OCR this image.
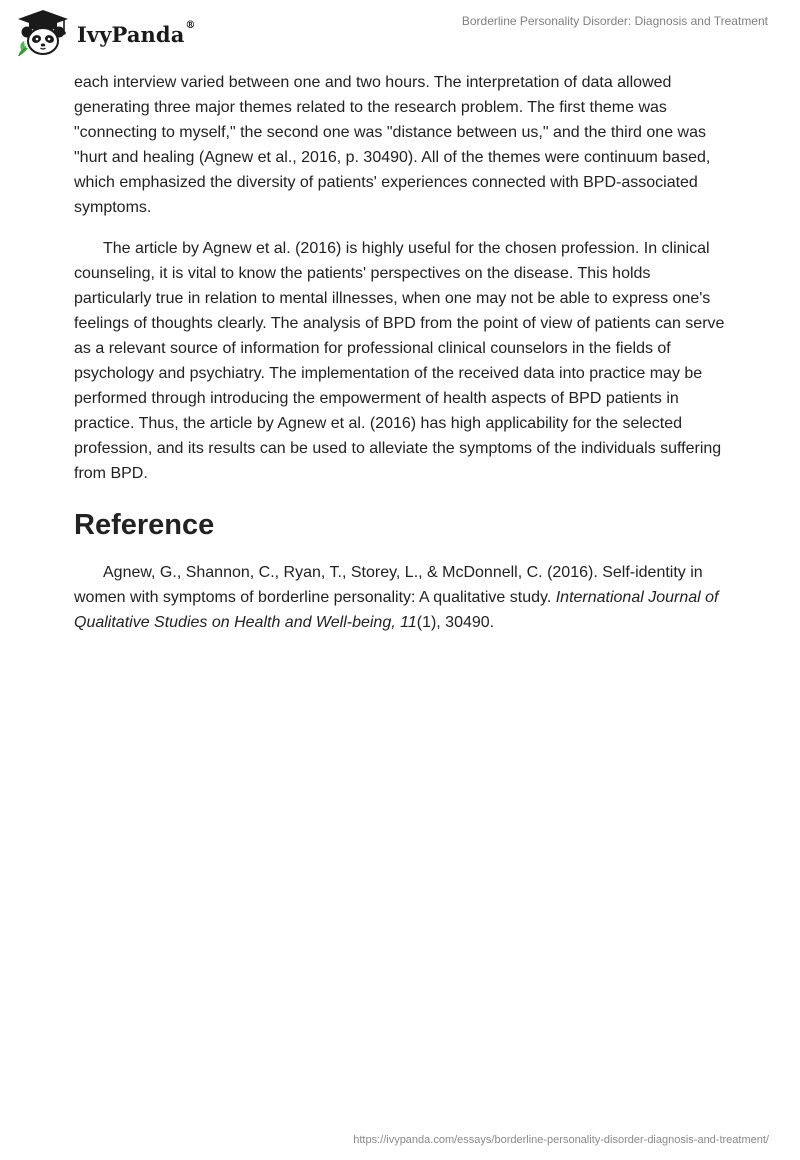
IvyPanda®	Borderline Personality Disorder: Diagnosis and Treatment

each interview varied between one and two hours. The interpretation of data allowed generating three major themes related to the research problem. The first theme was "connecting to myself," the second one was "distance between us," and the third one was "hurt and healing (Agnew et al., 2016, p. 30490). All of the themes were continuum based, which emphasized the diversity of patients' experiences connected with BPD-associated symptoms.

The article by Agnew et al. (2016) is highly useful for the chosen profession. In clinical counseling, it is vital to know the patients' perspectives on the disease. This holds particularly true in relation to mental illnesses, when one may not be able to express one's feelings of thoughts clearly. The analysis of BPD from the point of view of patients can serve as a relevant source of information for professional clinical counselors in the fields of psychology and psychiatry. The implementation of the received data into practice may be performed through introducing the empowerment of health aspects of BPD patients in practice. Thus, the article by Agnew et al. (2016) has high applicability for the selected profession, and its results can be used to alleviate the symptoms of the individuals suffering from BPD.

Reference

Agnew, G., Shannon, C., Ryan, T., Storey, L., & McDonnell, C. (2016). Self-identity in women with symptoms of borderline personality: A qualitative study. International Journal of Qualitative Studies on Health and Well-being, 11(1), 30490.

https://ivypanda.com/essays/borderline-personality-disorder-diagnosis-and-treatment/
